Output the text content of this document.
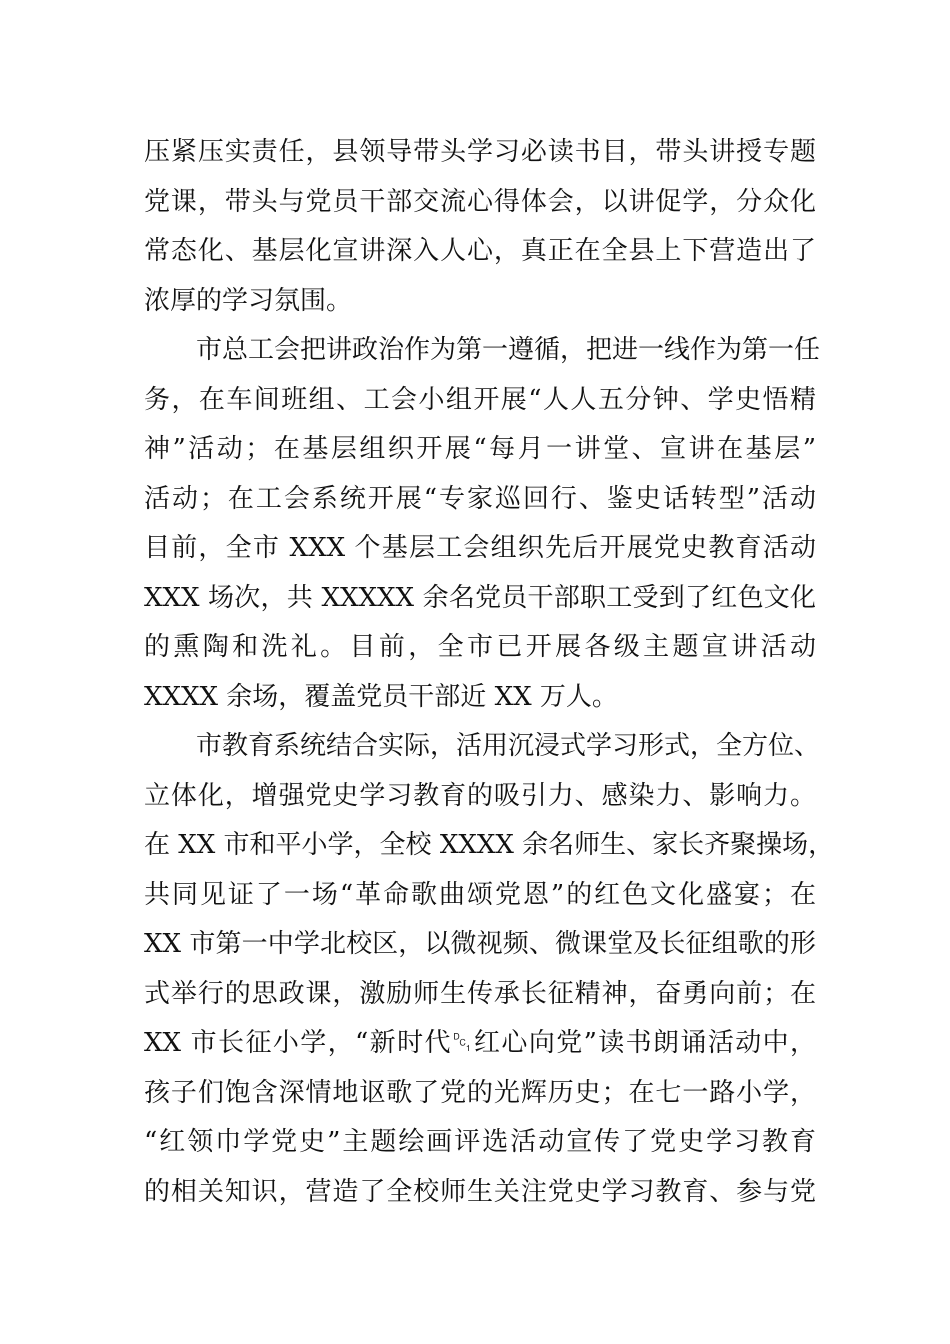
压紧压实责任，县领导带头学习必读书目，带头讲授专题
党课，带头与党员干部交流心得体会，以讲促学，分众化
常态化、基层化宣讲深入人心，真正在全县上下营造出了
浓厚的学习氛围。
市总工会把讲政治作为第一遵循，把进一线作为第一任
务，在车间班组、工会小组开展“人人五分钟、学史悟精
神”活动；在基层组织开展“每月一讲堂、宣讲在基层”
活动；在工会系统开展“专家巡回行、鉴史话转型”活动
目前，全市 XXX 个基层工会组织先后开展党史教育活动
XXX 场次，共 XXXXX 余名党员干部职工受到了红色文化
的熏陶和洗礼。目前，全市已开展各级主题宣讲活动
XXXX 余场，覆盖党员干部近 XX 万人。
市教育系统结合实际，活用沉浸式学习形式，全方位、
立体化，增强党史学习教育的吸引力、感染力、影响力。
在 XX 市和平小学，全校 XXXX 余名师生、家长齐聚操场，
共同见证了一场“革命歌曲颂党恩”的红色文化盛宴；在
XX 市第一中学北校区，以微视频、微课堂及长征组歌的形
式举行的思政课，激励师生传承长征精神，奋勇向前；在
XX 市长征小学，“新时代␑红心向党”读书朗诵活动中，
孩子们饱含深情地讴歌了党的光辉历史；在七一路小学，
“红领巾学党史”主题绘画评选活动宣传了党史学习教育
的相关知识，营造了全校师生关注党史学习教育、参与党
